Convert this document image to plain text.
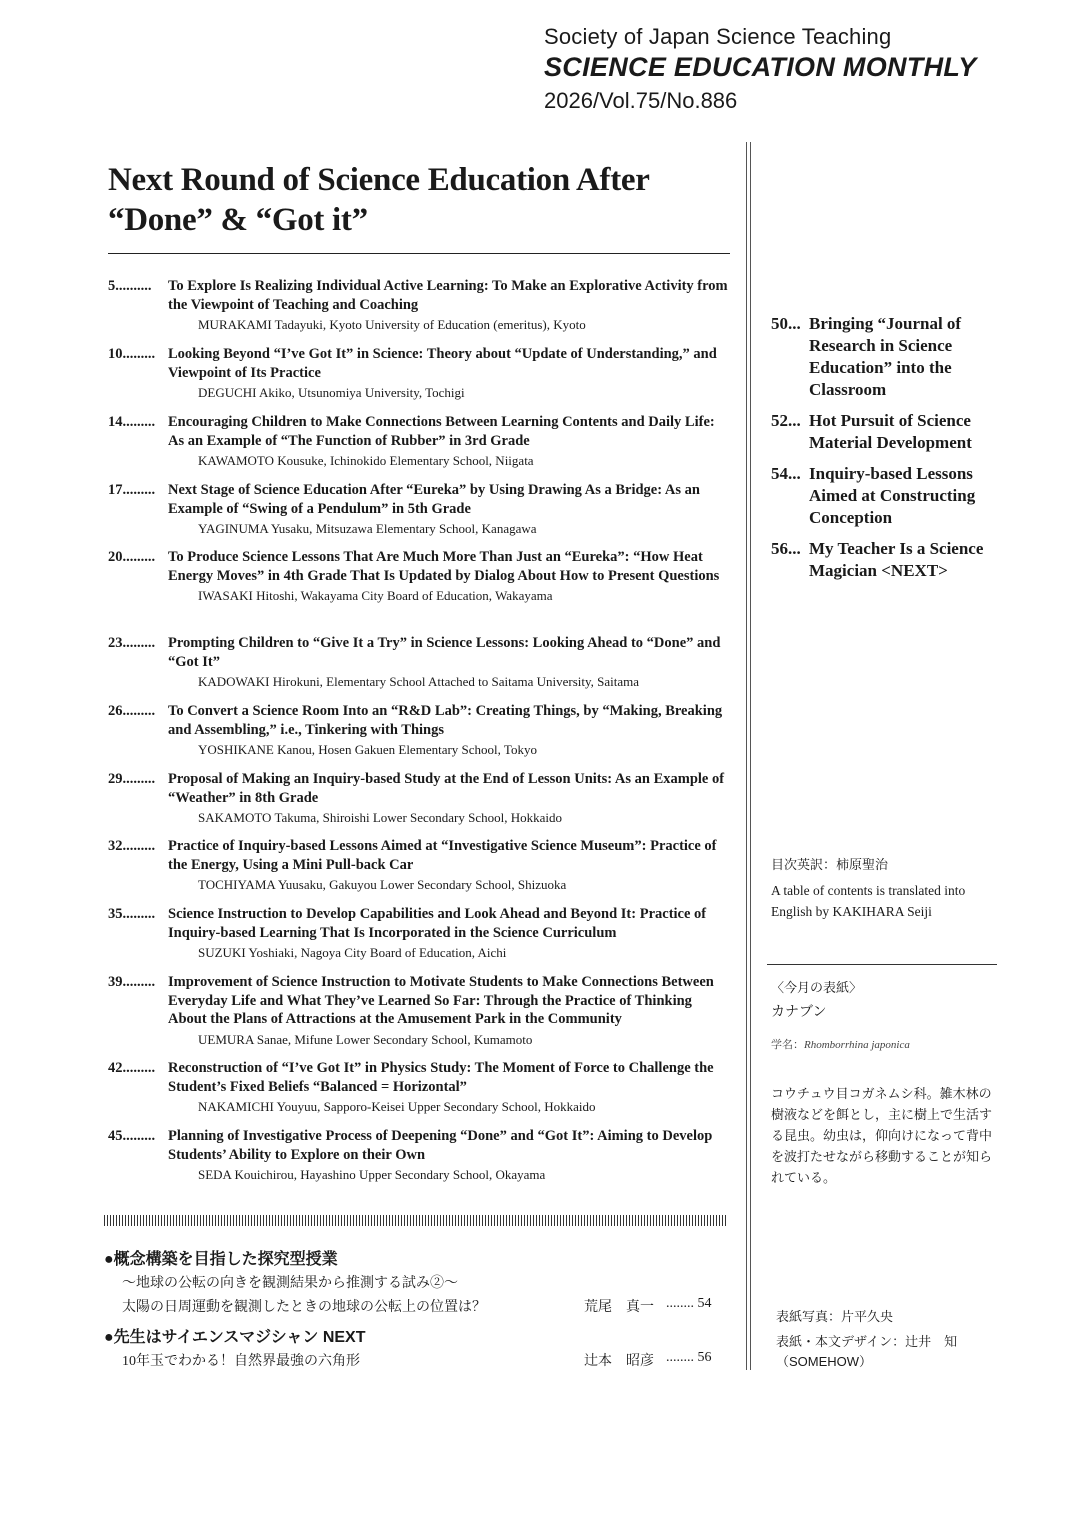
Society of Japan Science Teaching
SCIENCE EDUCATION MONTHLY
2026/Vol.75/No.886
Next Round of Science Education After
“Done” & “Got it”
5.......... To Explore Is Realizing Individual Active Learning: To Make an Explorative Activity from the Viewpoint of Teaching and Coaching
MURAKAMI Tadayuki, Kyoto University of Education (emeritus), Kyoto
10......... Looking Beyond “I’ve Got It” in Science: Theory about “Update of Understanding,” and Viewpoint of Its Practice
DEGUCHI Akiko, Utsunomiya University, Tochigi
14......... Encouraging Children to Make Connections Between Learning Contents and Daily Life: As an Example of “The Function of Rubber” in 3rd Grade
KAWAMOTO Kousuke, Ichinokido Elementary School, Niigata
17......... Next Stage of Science Education After “Eureka” by Using Drawing As a Bridge: As an Example of “Swing of a Pendulum” in 5th Grade
YAGINUMA Yusaku, Mitsuzawa Elementary School, Kanagawa
20......... To Produce Science Lessons That Are Much More Than Just an “Eureka”: “How Heat Energy Moves” in 4th Grade That Is Updated by Dialog About How to Present Questions
IWASAKI Hitoshi, Wakayama City Board of Education, Wakayama
23......... Prompting Children to “Give It a Try” in Science Lessons: Looking Ahead to “Done” and “Got It”
KADOWAKI Hirokuni, Elementary School Attached to Saitama University, Saitama
26......... To Convert a Science Room Into an “R&D Lab”: Creating Things, by “Making, Breaking and Assembling,” i.e., Tinkering with Things
YOSHIKANE Kanou, Hosen Gakuen Elementary School, Tokyo
29......... Proposal of Making an Inquiry-based Study at the End of Lesson Units: As an Example of “Weather” in 8th Grade
SAKAMOTO Takuma, Shiroishi Lower Secondary School, Hokkaido
32......... Practice of Inquiry-based Lessons Aimed at “Investigative Science Museum”: Practice of the Energy, Using a Mini Pull-back Car
TOCHIYAMA Yuusaku, Gakuyou Lower Secondary School, Shizuoka
35......... Science Instruction to Develop Capabilities and Look Ahead and Beyond It: Practice of Inquiry-based Learning That Is Incorporated in the Science Curriculum
SUZUKI Yoshiaki, Nagoya City Board of Education, Aichi
39......... Improvement of Science Instruction to Motivate Students to Make Connections Between Everyday Life and What They’ve Learned So Far: Through the Practice of Thinking About the Plans of Attractions at the Amusement Park in the Community
UEMURA Sanae, Mifune Lower Secondary School, Kumamoto
42......... Reconstruction of “I’ve Got It” in Physics Study: The Moment of Force to Challenge the Student’s Fixed Beliefs “Balanced = Horizontal”
NAKAMICHI Youyuu, Sapporo-Keisei Upper Secondary School, Hokkaido
45......... Planning of Investigative Process of Deepening “Done” and “Got It”: Aiming to Develop Students’ Ability to Explore on their Own
SEDA Kouichirou, Hayashino Upper Secondary School, Okayama
50... Bringing “Journal of Research in Science Education” into the Classroom
52... Hot Pursuit of Science Material Development
54... Inquiry-based Lessons Aimed at Constructing Conception
56... My Teacher Is a Science Magician <NEXT>
目次英訳：柿原聖治
A table of contents is translated into English by KAKIHARA Seiji
〈今月の表紙〉
カナブン
学名：Rhomborrhina japonica
コウチュウ目コガネムシ科。雑木林の樹液などを餌とし，主に樹上で生活する昆虫。幼虫は，仰向けになって背中を波打たせながら移動することが知られている。
表紙写真：片平久央
表紙・本文デザイン：辻井　知（SOMEHOW）
●概念構築を目指した探究型授業
〜地球の公転の向きを観測結果から推測する試み②〜
太陽の日周運動を観測したときの地球の公転上の位置は？	荒尾　真一 ........ 54
●先生はサイエンスマジシャン NEXT
10年玉でわかる！自然界最強の六角形	辻本　昭彦 ........ 56
